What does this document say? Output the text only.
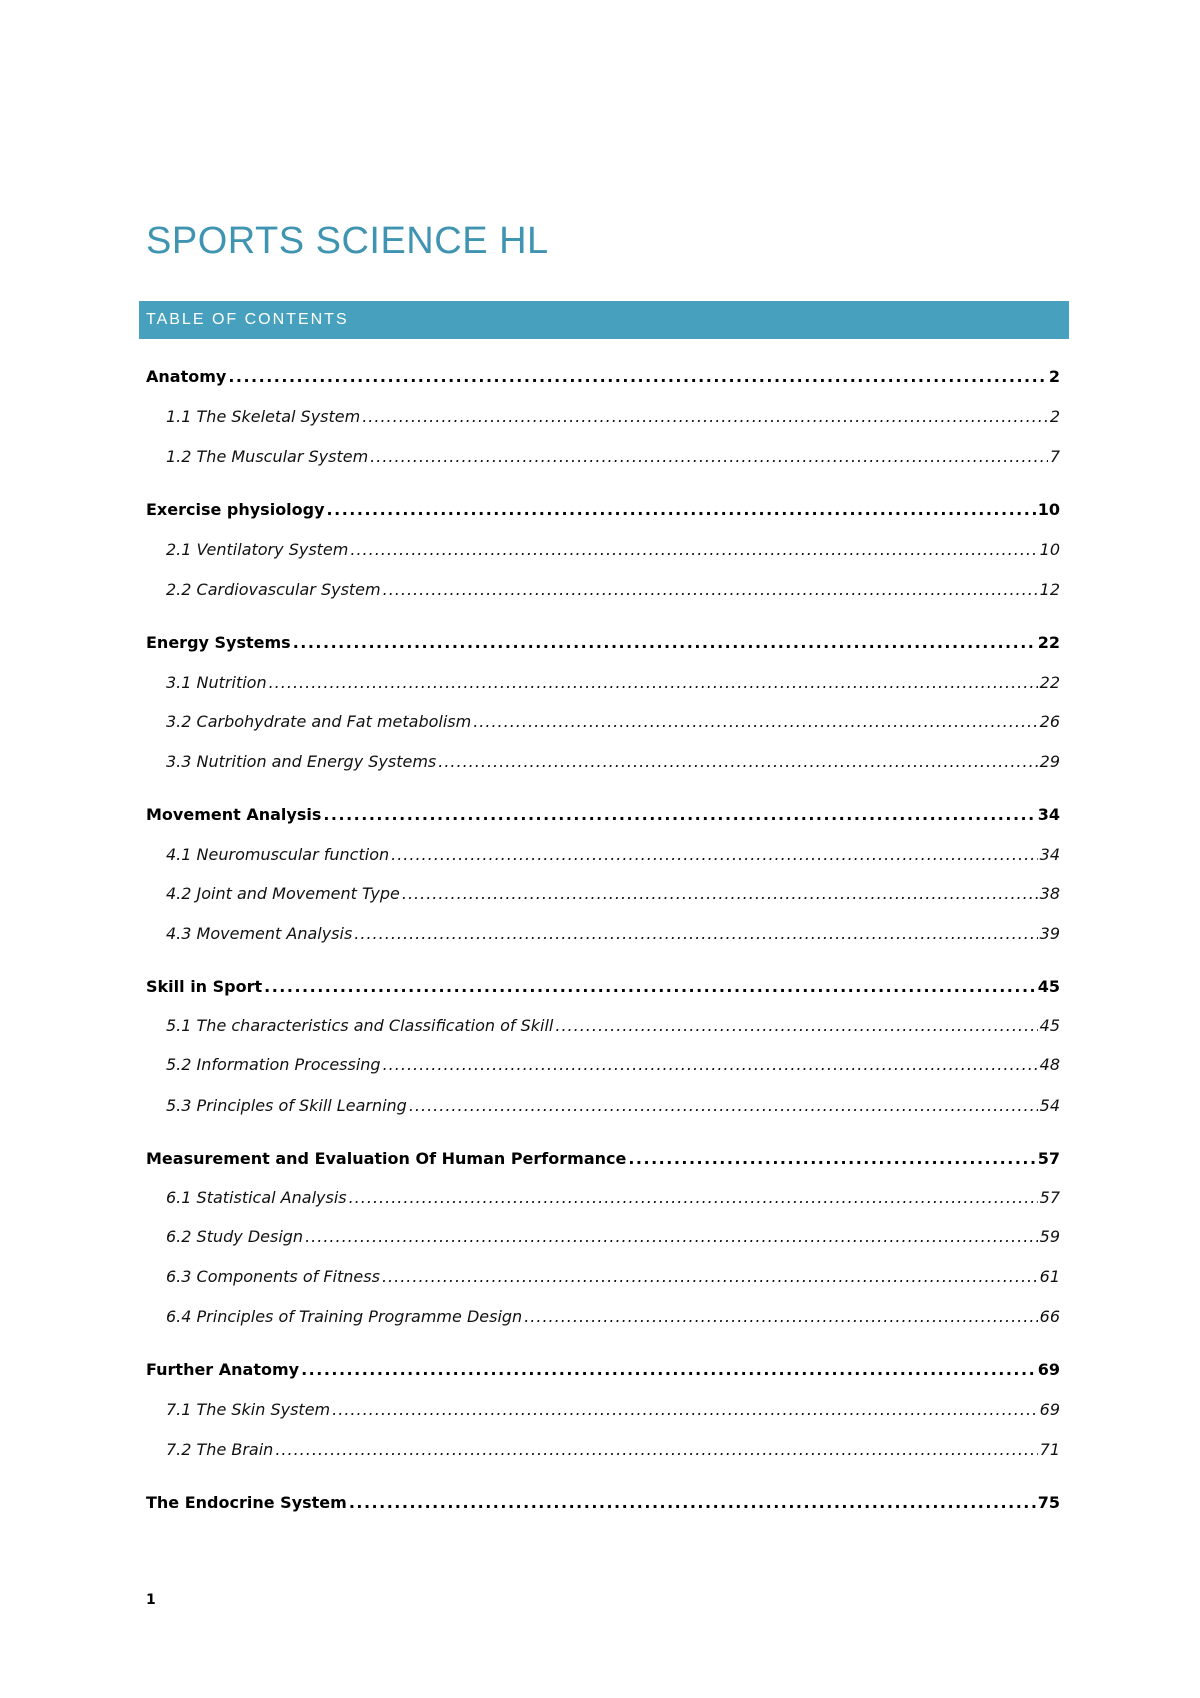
SPORTS SCIENCE HL
TABLE OF CONTENTS
Anatomy .....	2
1.1 The Skeletal System .....	2
1.2 The Muscular System .....	7
Exercise physiology .....	10
2.1 Ventilatory System .....	10
2.2 Cardiovascular System .....	12
Energy Systems .....	22
3.1 Nutrition .....	22
3.2 Carbohydrate and Fat metabolism .....	26
3.3 Nutrition and Energy Systems .....	29
Movement Analysis .....	34
4.1 Neuromuscular function .....	34
4.2 Joint and Movement Type .....	38
4.3 Movement Analysis .....	39
Skill in Sport .....	45
5.1 The characteristics and Classification of Skill .....	45
5.2 Information Processing .....	48
5.3 Principles of Skill Learning .....	54
Measurement and Evaluation Of Human Performance .....	57
6.1 Statistical Analysis .....	57
6.2 Study Design .....	59
6.3 Components of Fitness .....	61
6.4 Principles of Training Programme Design .....	66
Further Anatomy .....	69
7.1 The Skin System .....	69
7.2 The Brain .....	71
The Endocrine System .....	75
1
